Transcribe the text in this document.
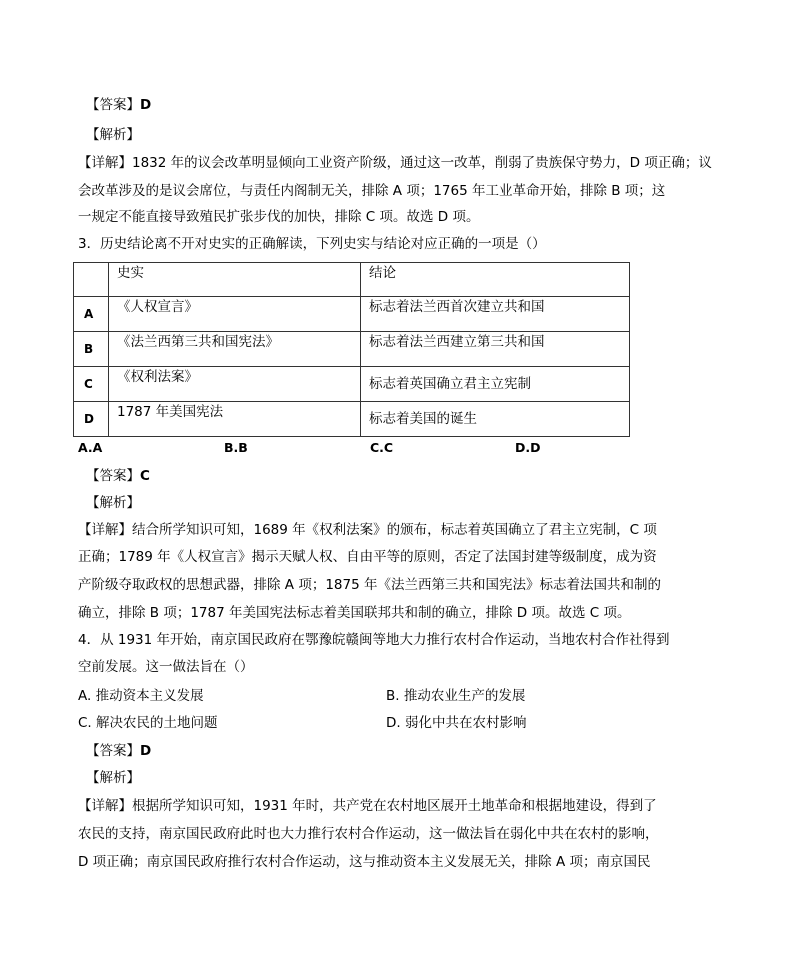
【答案】D
【解析】
【详解】1832 年的议会改革明显倾向工业资产阶级，通过这一改革，削弱了贵族保守势力，D 项正确；议
会改革涉及的是议会席位，与责任内阁制无关，排除 A 项；1765 年工业革命开始，排除 B 项；这
一规定不能直接导致殖民扩张步伐的加快，排除 C 项。故选 D 项。
3．历史结论离不开对史实的正确解读，下列史实与结论对应正确的一项是（）
	史实	结论
A	《人权宣言》	标志着法兰西首次建立共和国
B	《法兰西第三共和国宪法》	标志着法兰西建立第三共和国
C	《权利法案》	标志着英国确立君主立宪制
D	1787 年美国宪法	标志着美国的诞生
A.A	B.B	C.C	D.D
【答案】C
【解析】
【详解】结合所学知识可知，1689 年《权利法案》的颁布，标志着英国确立了君主立宪制，C 项
正确；1789 年《人权宣言》揭示天赋人权、自由平等的原则，否定了法国封建等级制度，成为资
产阶级夺取政权的思想武器，排除 A 项；1875 年《法兰西第三共和国宪法》标志着法国共和制的
确立，排除 B 项；1787 年美国宪法标志着美国联邦共和制的确立，排除 D 项。故选 C 项。
4．从 1931 年开始，南京国民政府在鄂豫皖赣闽等地大力推行农村合作运动，当地农村合作社得到
空前发展。这一做法旨在（）
A. 推动资本主义发展	B. 推动农业生产的发展
C. 解决农民的土地问题	D. 弱化中共在农村影响
【答案】D
【解析】
【详解】根据所学知识可知，1931 年时，共产党在农村地区展开土地革命和根据地建设，得到了
农民的支持，南京国民政府此时也大力推行农村合作运动，这一做法旨在弱化中共在农村的影响，
D 项正确；南京国民政府推行农村合作运动，这与推动资本主义发展无关，排除 A 项；南京国民
